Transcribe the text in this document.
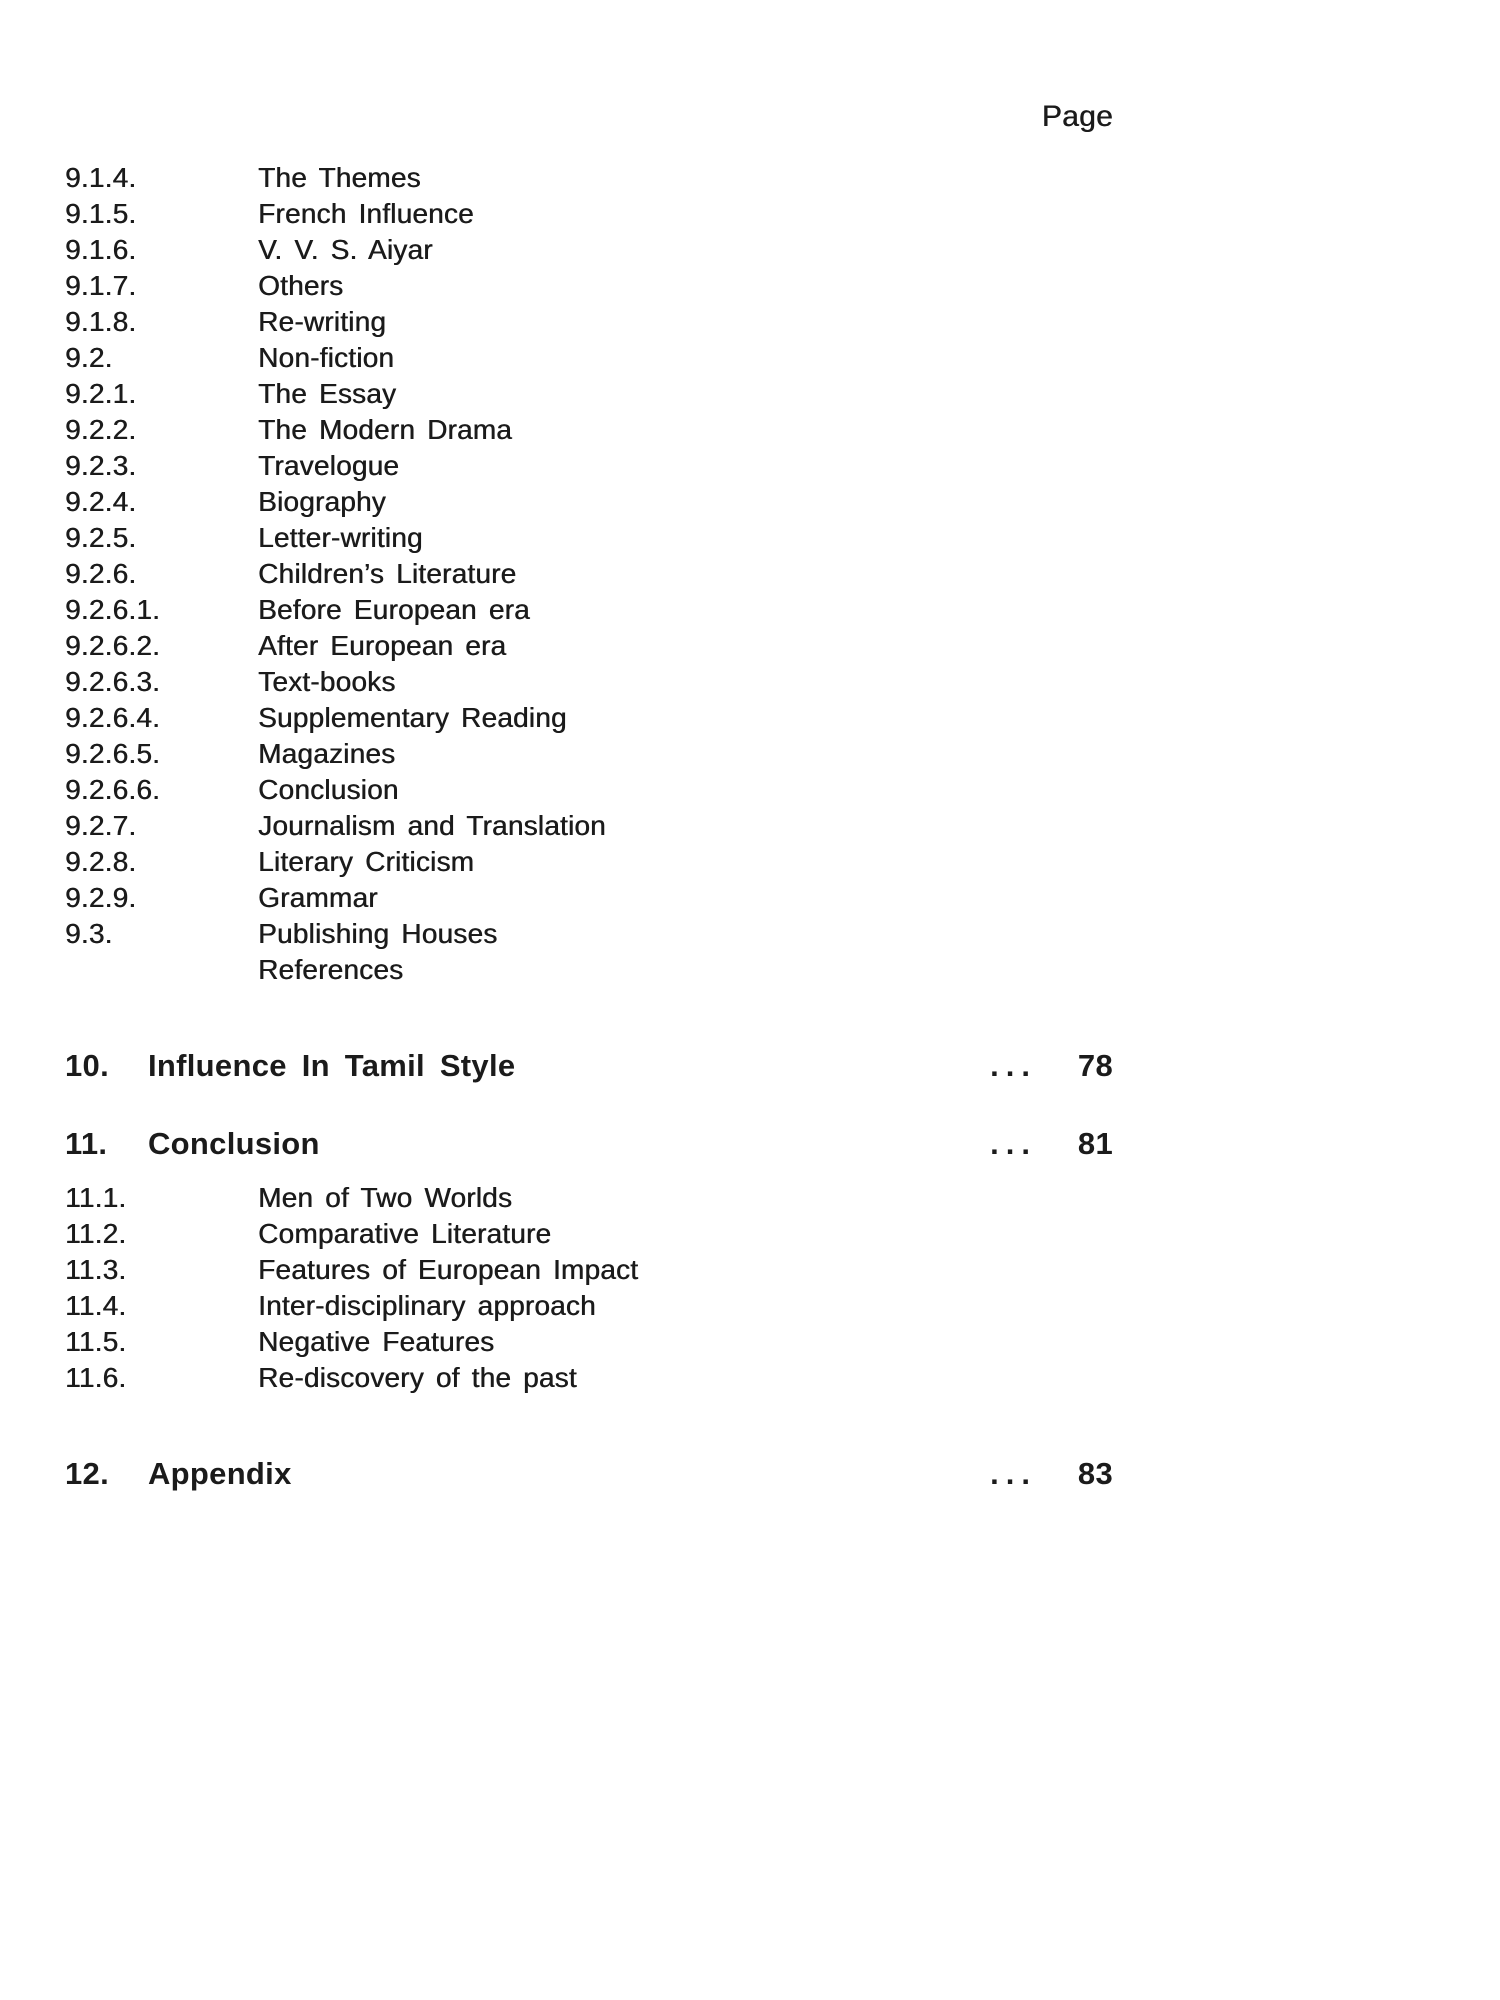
Page
9.1.4.	The Themes
9.1.5.	French Influence
9.1.6.	V. V. S. Aiyar
9.1.7.	Others
9.1.8.	Re-writing
9.2.	Non-fiction
9.2.1.	The Essay
9.2.2.	The Modern Drama
9.2.3.	Travelogue
9.2.4.	Biography
9.2.5.	Letter-writing
9.2.6.	Children’s Literature
9.2.6.1.	Before European era
9.2.6.2.	After European era
9.2.6.3.	Text-books
9.2.6.4.	Supplementary Reading
9.2.6.5.	Magazines
9.2.6.6.	Conclusion
9.2.7.	Journalism and Translation
9.2.8.	Literary Criticism
9.2.9.	Grammar
9.3.	Publishing Houses
References
10.	Influence In Tamil Style	...	78
11.	Conclusion	...	81
11.1.	Men of Two Worlds
11.2.	Comparative Literature
11.3.	Features of European Impact
11.4.	Inter-disciplinary approach
11.5.	Negative Features
11.6.	Re-discovery of the past
12.	Appendix	...	83
